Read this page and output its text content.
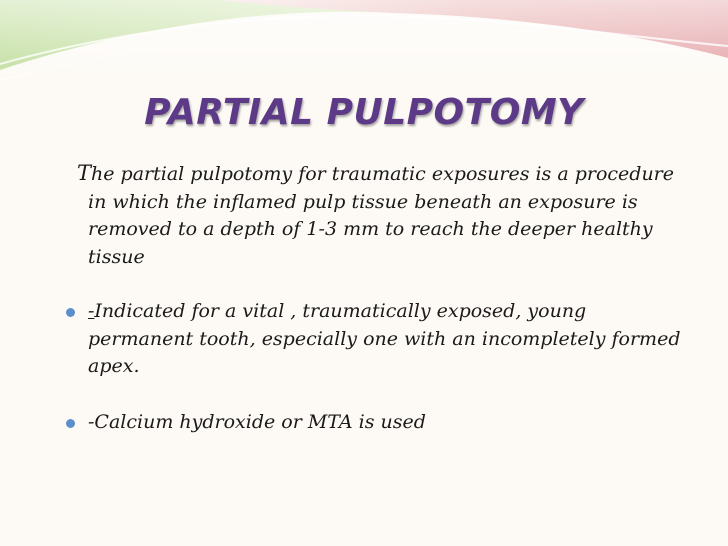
PARTIAL PULPOTOMY

The partial pulpotomy for traumatic exposures is a procedure in which the inflamed pulp tissue beneath an exposure is removed to a depth of 1-3 mm to reach the deeper healthy tissue

-Indicated for a vital , traumatically exposed, young permanent tooth, especially one with an incompletely formed apex.

-Calcium hydroxide or MTA is used
